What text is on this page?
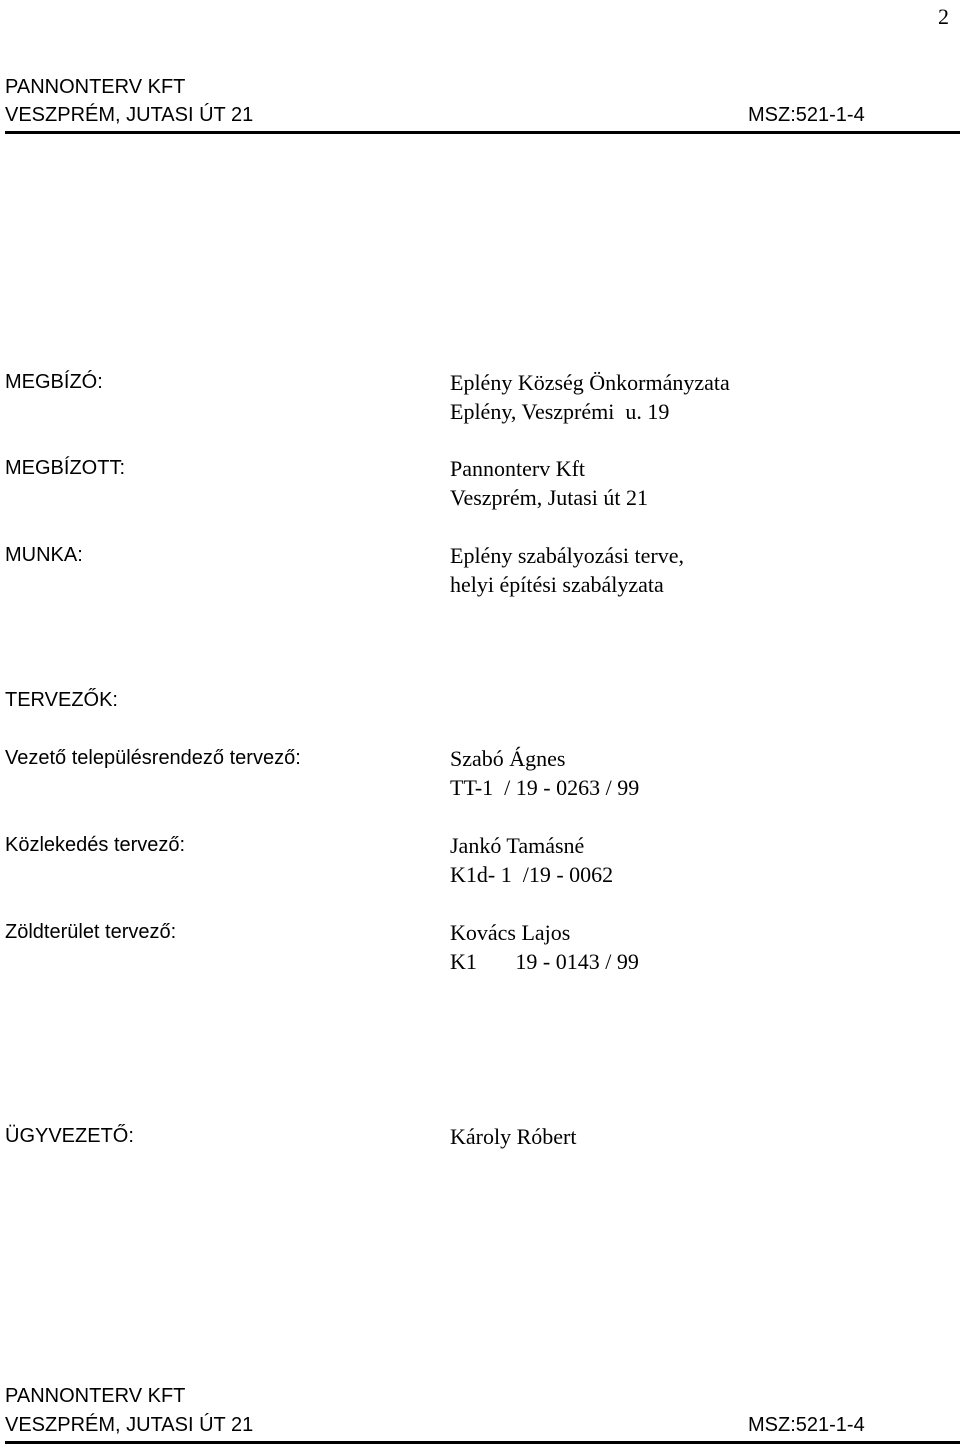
2
PANNONTERV KFT
VESZPRÉM, JUTASI ÚT 21	MSZ:521-1-4
MEGBÍZÓ:	Eplény Község Önkormányzata
Eplény, Veszprémi  u. 19
MEGBÍZOTT:	Pannonterv Kft
Veszprém, Jutasi út 21
MUNKA:	Eplény szabályozási terve,
helyi építési szabályzata
TERVEZŐK:
Vezető településrendező tervező:	Szabó Ágnes
TT-1  / 19 - 0263 / 99
Közlekedés tervező:	Jankó Tamásné
K1d- 1  /19 - 0062
Zöldterület tervező:	Kovács Lajos
K1       19 - 0143 / 99
ÜGYVEZETŐ:	Károly Róbert
PANNONTERV KFT
VESZPRÉM, JUTASI ÚT 21	MSZ:521-1-4
